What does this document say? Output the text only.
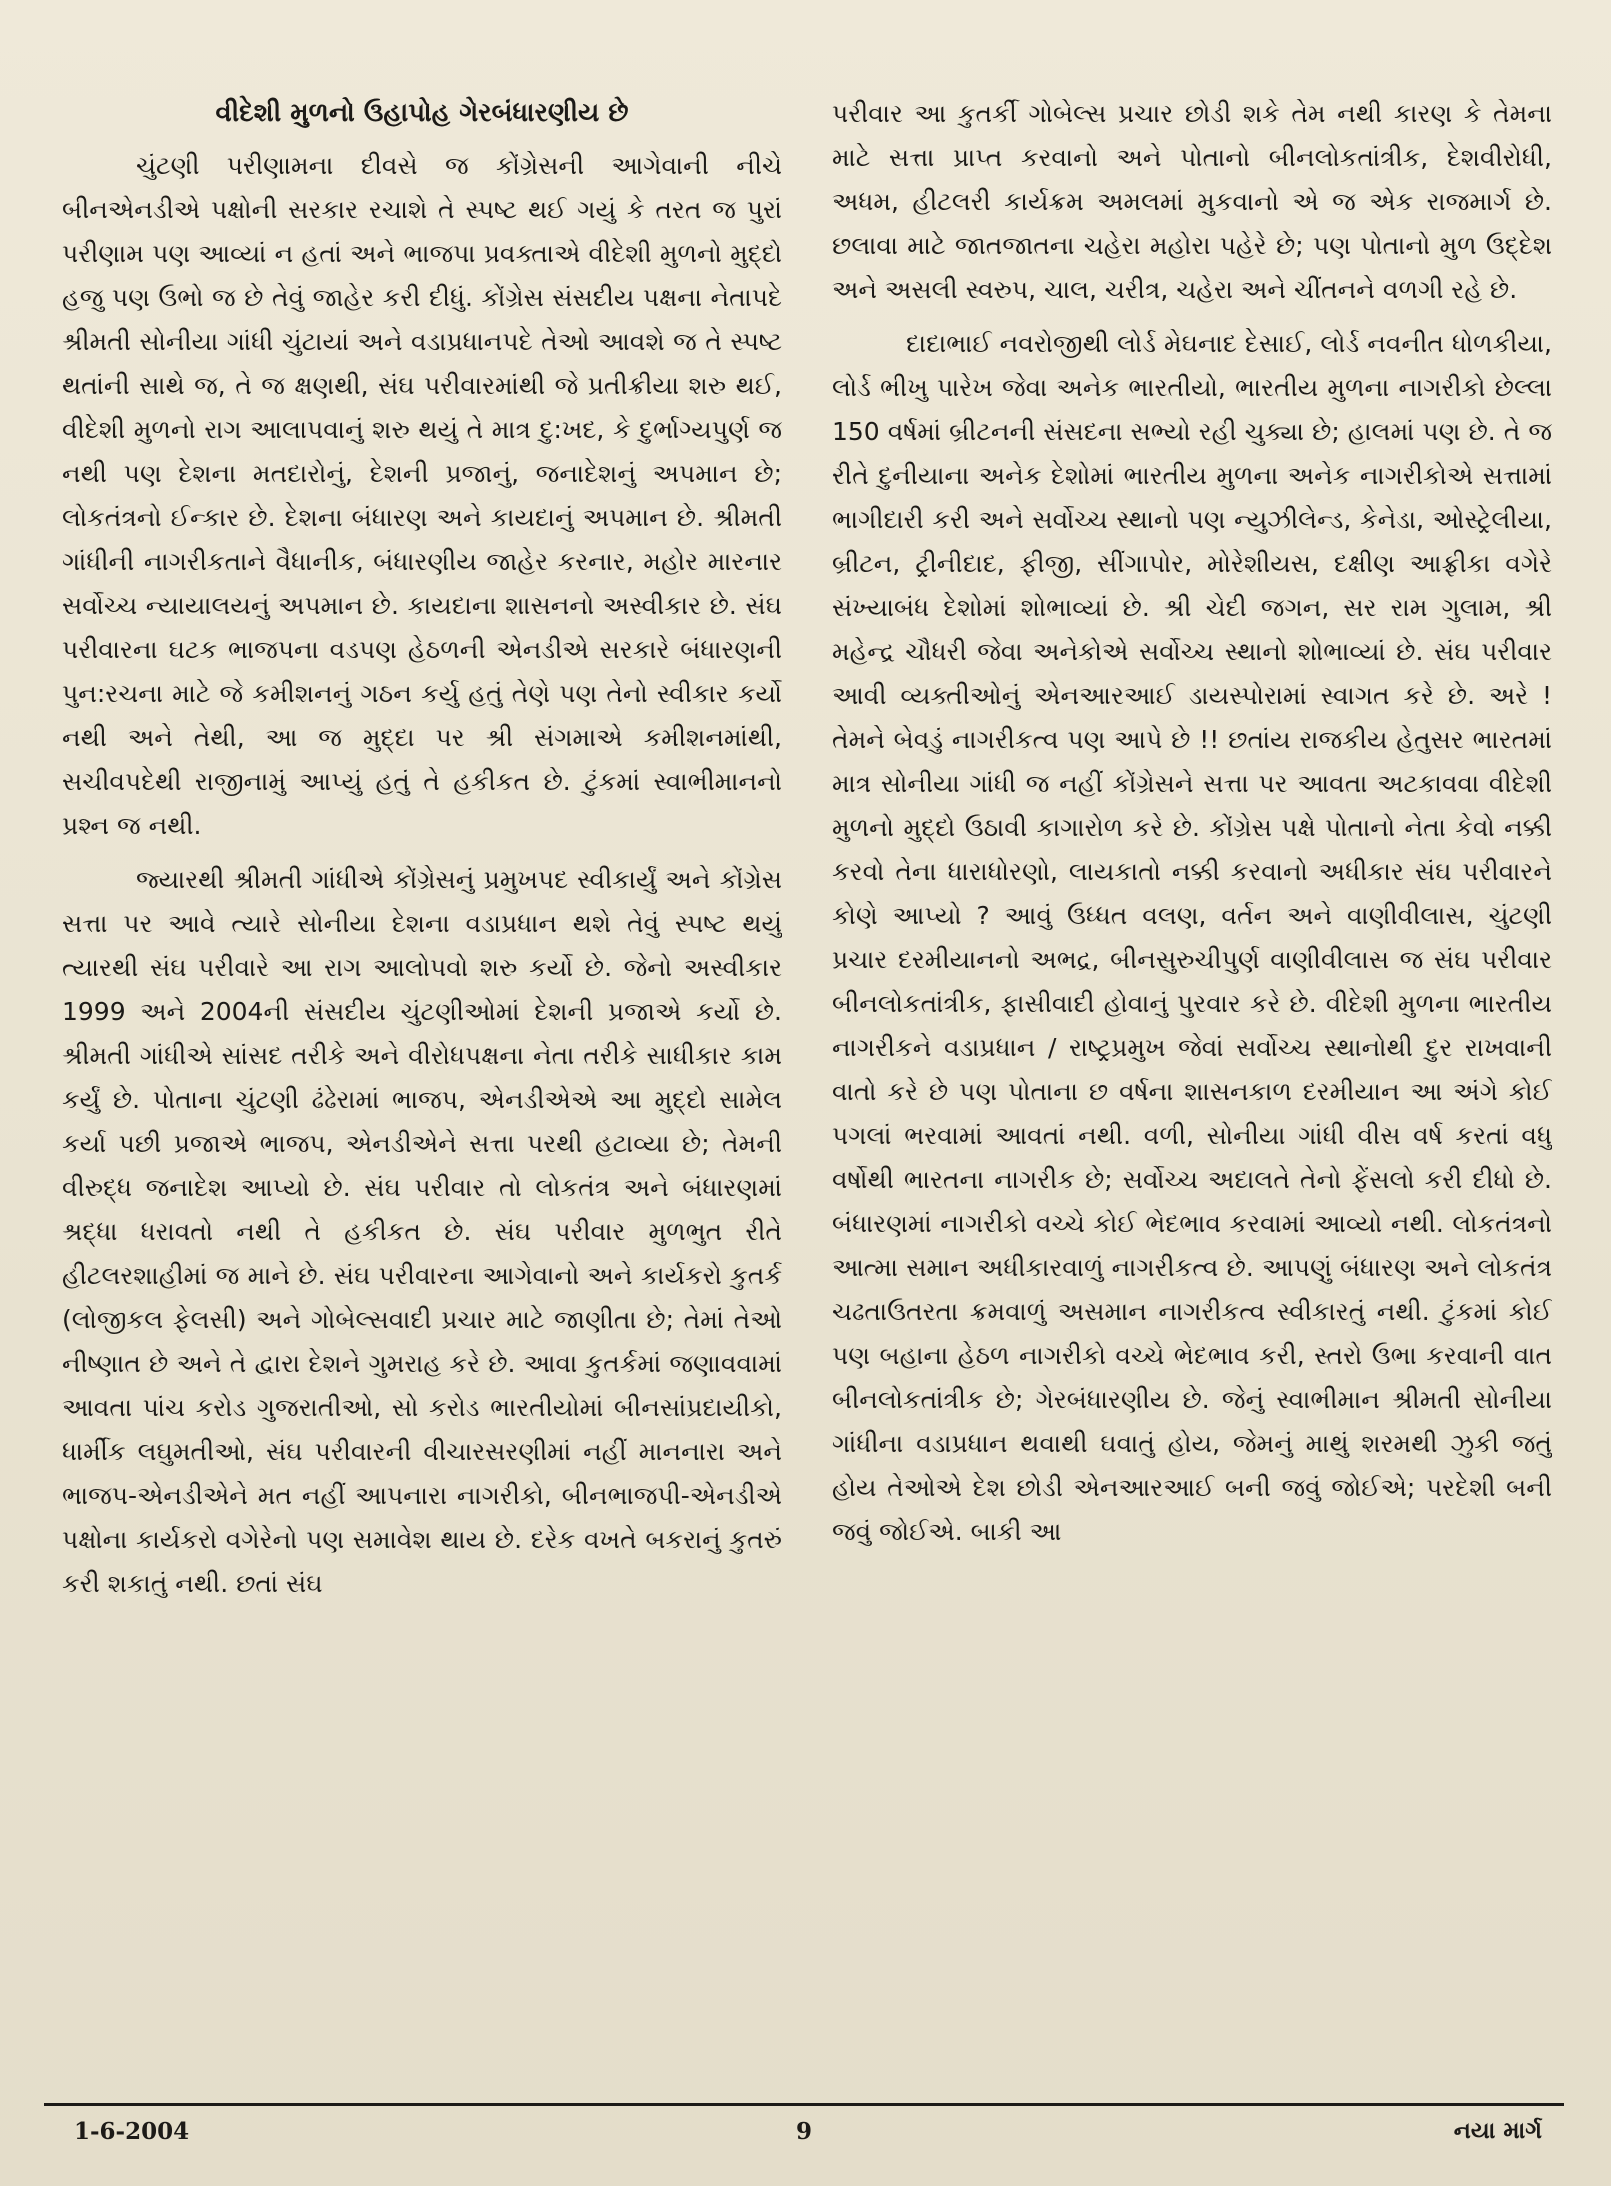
વીદેશી મુળનો ઉહાપોહ ગેરબંધારણીય છે

ચુંટણી પરીણામના દીવસે જ કોંગ્રેસની આગેવાની નીચે બીનએનડીએ પક્ષોની સરકાર રચાશે તે સ્પષ્ટ થઈ ગયું કે તરત જ પુરાં પરીણામ પણ આવ્યાં ન હતાં અને ભાજપા પ્રવક્તાએ વીદેશી મુળનો મુદ્દો હજુ પણ ઉભો જ છે તેવું જાહેર કરી દીધું. કોંગ્રેસ સંસદીય પક્ષના નેતાપદે શ્રીમતી સોનીયા ગાંધી ચુંટાયાં અને વડાપ્રધાનપદે તેઓ આવશે જ તે સ્પષ્ટ થતાંની સાથે જ, તે જ ક્ષણથી, સંઘ પરીવારમાંથી જે પ્રતીક્રીયા શરુ થઈ, વીદેશી મુળનો રાગ આલાપવાનું શરુ થયું તે માત્ર દુ:ખદ, કે દુર્ભાગ્યપુર્ણ જ નથી પણ દેશના મતદારોનું, દેશની પ્રજાનું, જનાદેશનું અપમાન છે; લોકતંત્રનો ઈન્કાર છે. દેશના બંધારણ અને કાયદાનું અપમાન છે. શ્રીમતી ગાંધીની નાગરીકતાને વૈધાનીક, બંધારણીય જાહેર કરનાર, મહોર મારનાર સર્વોચ્ચ ન્યાયાલયનું અપમાન છે. કાયદાના શાસનનો અસ્વીકાર છે. સંઘ પરીવારના ઘટક ભાજપના વડપણ હેઠળની એનડીએ સરકારે બંધારણની પુન:રચના માટે જે કમીશનનું ગઠન કર્યુ હતું તેણે પણ તેનો સ્વીકાર કર્યો નથી અને તેથી, આ જ મુદ્દા પર શ્રી સંગમાએ કમીશનમાંથી, સચીવપદેથી રાજીનામું આપ્યું હતું તે હકીકત છે. ટુંકમાં સ્વાભીમાનનો પ્રશ્ન જ નથી.

જ્યારથી શ્રીમતી ગાંધીએ કોંગ્રેસનું પ્રમુખપદ સ્વીકાર્યું અને કોંગ્રેસ સત્તા પર આવે ત્યારે સોનીયા દેશના વડાપ્રધાન થશે તેવું સ્પષ્ટ થયું ત્યારથી સંઘ પરીવારે આ રાગ આલોપવો શરુ કર્યો છે. જેનો અસ્વીકાર 1999 અને 2004ની સંસદીય ચુંટણીઓમાં દેશની પ્રજાએ કર્યો છે. શ્રીમતી ગાંધીએ સાંસદ તરીકે અને વીરોધપક્ષના નેતા તરીકે સાધીકાર કામ કર્યું છે. પોતાના ચુંટણી ઢંઢેરામાં ભાજપ, એનડીએએ આ મુદ્દો સામેલ કર્યા પછી પ્રજાએ ભાજપ, એનડીએને સત્તા પરથી હટાવ્યા છે; તેમની વીરુદ્ધ જનાદેશ આપ્યો છે. સંઘ પરીવાર તો લોકતંત્ર અને બંધારણમાં શ્રદ્ધા ધરાવતો નથી તે હકીકત છે. સંઘ પરીવાર મુળભુત રીતે હીટલરશાહીમાં જ માને છે. સંઘ પરીવારના આગેવાનો અને કાર્યકરો કુતર્ક (લોજીકલ ફેલસી) અને ગોબેલ્સવાદી પ્રચાર માટે જાણીતા છે; તેમાં તેઓ નીષ્ણાત છે અને તે દ્વારા દેશને ગુમરાહ કરે છે. આવા કુતર્કમાં જણાવવામાં આવતા પાંચ કરોડ ગુજરાતીઓ, સો કરોડ ભારતીયોમાં બીનસાંપ્રદાયીકો, ધાર્મીક લઘુમતીઓ, સંઘ પરીવારની વીચારસરણીમાં નહીં માનનારા અને ભાજપ-એનડીએને મત નહીં આપનારા નાગરીકો, બીનભાજપી-એનડીએ પક્ષોના કાર્યકરો વગેરેનો પણ સમાવેશ થાય છે. દરેક વખતે બકરાનું કુતરું કરી શકાતું નથી. છતાં સંઘ

પરીવાર આ કુતર્કી ગોબેલ્સ પ્રચાર છોડી શકે તેમ નથી કારણ કે તેમના માટે સત્તા પ્રાપ્ત કરવાનો અને પોતાનો બીનલોકતાંત્રીક, દેશવીરોધી, અધમ, હીટલરી કાર્યક્રમ અમલમાં મુકવાનો એ જ એક રાજમાર્ગ છે. છલાવા માટે જાતજાતના ચહેરા મહોરા પહેરે છે; પણ પોતાનો મુળ ઉદ્દેશ અને અસલી સ્વરુપ, ચાલ, ચરીત્ર, ચહેરા અને ચીંતનને વળગી રહે છે.

દાદાભાઈ નવરોજીથી લોર્ડ મેઘનાદ દેસાઈ, લોર્ડ નવનીત ધોળકીયા, લોર્ડ ભીખુ પારેખ જેવા અનેક ભારતીયો, ભારતીય મુળના નાગરીકો છેલ્લા 150 વર્ષમાં બ્રીટનની સંસદના સભ્યો રહી ચુક્યા છે; હાલમાં પણ છે. તે જ રીતે દુનીયાના અનેક દેશોમાં ભારતીય મુળના અનેક નાગરીકોએ સત્તામાં ભાગીદારી કરી અને સર્વોચ્ચ સ્થાનો પણ ન્યુઝીલેન્ડ, કેનેડા, ઓસ્ટ્રેલીયા, બ્રીટન, ટ્રીનીદાદ, ફીજી, સીંગાપોર, મોરેશીયસ, દક્ષીણ આફ્રીકા વગેરે સંખ્યાબંધ દેશોમાં શોભાવ્યાં છે. શ્રી ચેદી જગન, સર રામ ગુલામ, શ્રી મહેન્દ્ર ચૌધરી જેવા અનેકોએ સર્વોચ્ચ સ્થાનો શોભાવ્યાં છે. સંઘ પરીવાર આવી વ્યક્તીઓનું એનઆરઆઈ ડાયસ્પોરામાં સ્વાગત કરે છે. અરે ! તેમને બેવડું નાગરીકત્વ પણ આપે છે !! છતાંય રાજકીય હેતુસર ભારતમાં માત્ર સોનીયા ગાંધી જ નહીં કોંગ્રેસને સત્તા પર આવતા અટકાવવા વીદેશી મુળનો મુદ્દો ઉઠાવી કાગારોળ કરે છે. કોંગ્રેસ પક્ષે પોતાનો નેતા કેવો નક્કી કરવો તેના ધારાધોરણો, લાયકાતો નક્કી કરવાનો અધીકાર સંઘ પરીવારને કોણે આપ્યો ? આવું ઉધ્ધત વલણ, વર્તન અને વાણીવીલાસ, ચુંટણી પ્રચાર દરમીયાનનો અભદ્ર, બીનસુરુચીપુર્ણ વાણીવીલાસ જ સંઘ પરીવાર બીનલોકતાંત્રીક, ફાસીવાદી હોવાનું પુરવાર કરે છે. વીદેશી મુળના ભારતીય નાગરીકને વડાપ્રધાન / રાષ્ટ્રપ્રમુખ જેવાં સર્વોચ્ચ સ્થાનોથી દુર રાખવાની વાતો કરે છે પણ પોતાના છ વર્ષના શાસનકાળ દરમીયાન આ અંગે કોઈ પગલાં ભરવામાં આવતાં નથી. વળી, સોનીયા ગાંધી વીસ વર્ષ કરતાં વધુ વર્ષોથી ભારતના નાગરીક છે; સર્વોચ્ચ અદાલતે તેનો ફેંસલો કરી દીધો છે. બંધારણમાં નાગરીકો વચ્ચે કોઈ ભેદભાવ કરવામાં આવ્યો નથી. લોકતંત્રનો આત્મા સમાન અધીકારવાળું નાગરીકત્વ છે. આપણું બંધારણ અને લોકતંત્ર ચઢતાઉતરતા ક્રમવાળું અસમાન નાગરીકત્વ સ્વીકારતું નથી. ટુંકમાં કોઈ પણ બહાના હેઠળ નાગરીકો વચ્ચે ભેદભાવ કરી, સ્તરો ઉભા કરવાની વાત બીનલોકતાંત્રીક છે; ગેરબંધારણીય છે. જેનું સ્વાભીમાન શ્રીમતી સોનીયા ગાંધીના વડાપ્રધાન થવાથી ઘવાતું હોય, જેમનું માથું શરમથી ઝુકી જતું હોય તેઓએ દેશ છોડી એનઆરઆઈ બની જવું જોઈએ; પરદેશી બની જવું જોઈએ. બાકી આ

1-6-2004	9	નયા માર્ગ
